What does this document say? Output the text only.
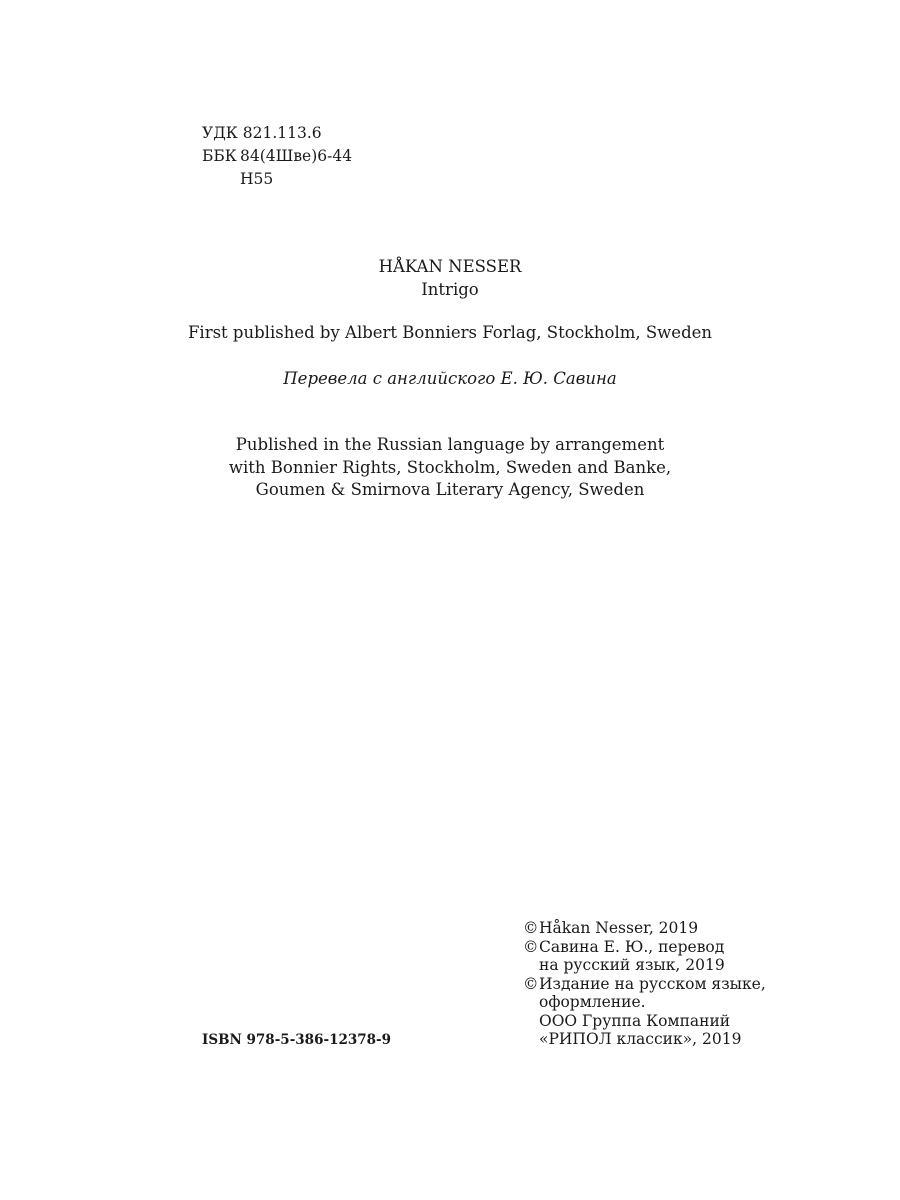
УДК 821.113.6
ББК 84(4Шве)6-44
Н55
HÅKAN NESSER
Intrigo
First published by Albert Bonniers Forlag, Stockholm, Sweden
Перевела с английского Е. Ю. Савина
Published in the Russian language by arrangement
with Bonnier Rights, Stockholm, Sweden and Banke,
Goumen & Smirnova Literary Agency, Sweden
ISBN 978-5-386-12378-9
© Håkan Nesser, 2019
© Савина Е. Ю., перевод
на русский язык, 2019
© Издание на русском языке,
оформление.
ООО Группа Компаний
«РИПОЛ классик», 2019
